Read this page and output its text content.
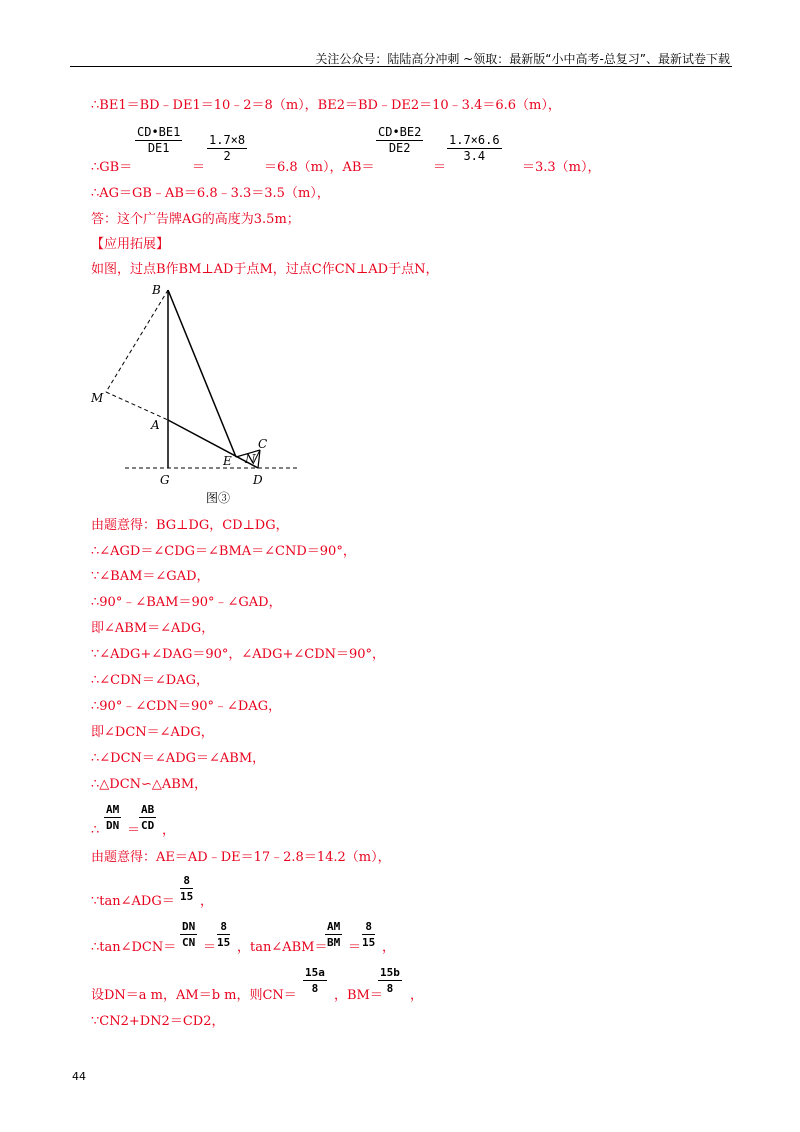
关注公众号：陆陆高分冲刺 ~领取：最新版“小中高考-总复习”、最新试卷下载
∴BE1＝BD﹣DE1＝10﹣2＝8（m），BE2＝BD﹣DE2＝10﹣3.4＝6.6（m），
$\frac{CD•BE1}{DE1} \frac{1.7\times 8}{2}$	$\frac{CD•BE2}{DE2} \frac{1.7\times 6.6}{3.4}$
∴GB＝	＝	＝6.8（m），AB＝	＝	＝3.3（m），
∴AG＝GB﹣AB＝6.8﹣3.3＝3.5（m），
答：这个广告牌AG的高度为3.5m；
【应用拓展】
如图，过点B作BM⊥AD于点M，过点C作CN⊥AD于点N，
B
M
A
C
N
E
G	D
图③
由题意得：BG⊥DG，CD⊥DG，
∴∠AGD＝∠CDG＝∠BMA＝∠CND＝90°，
∵∠BAM＝∠GAD，
∴90°﹣∠BAM＝90°﹣∠GAD，
即∠ABM＝∠ADG，
∵∠ADG+∠DAG＝90°，∠ADG+∠CDN＝90°，
∴∠CDN＝∠DAG，
∴90°﹣∠CDN＝90°﹣∠DAG，
即∠DCN＝∠ADG，
∴∠DCN＝∠ADG＝∠ABM，
∴△DCN∽△ABM，
$\frac{AM}{DN} \frac{AB}{CD}$
∴ ＝ ，
由题意得：AE＝AD﹣DE＝17﹣2.8＝14.2（m），
$\frac{8}{15}$
∵tan∠ADG＝ ，
$\frac{DN}{CN} \frac{8}{15}$	$\frac{AM}{BM} \frac{8}{15}$
∴tan∠DCN＝ ＝ ，tan∠ABM＝ ＝ ，
$\frac{15a}{8}$	$\frac{15b}{8}$
设DN＝a m，AM＝b m，则CN＝	，BM＝ ，
∵CN2+DN2＝CD2，
44
